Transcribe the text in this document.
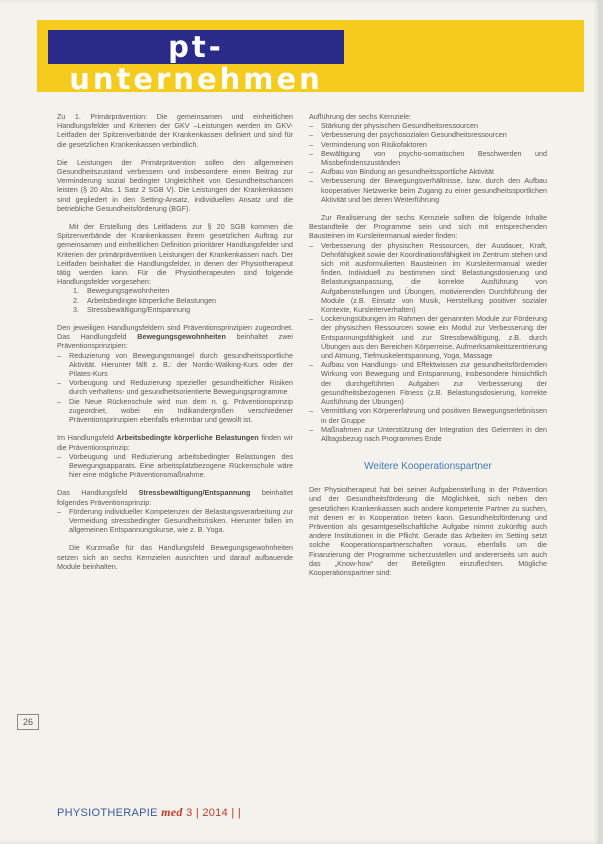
pt-unternehmen

Zu 1. Primärprävention: Die gemeinsamen und einheitlichen Handlungsfelder und Kriterien der GKV –Leistungen werden im GKV-Leitfaden der Spitzenverbände der Krankenkassen definiert und sind für die gesetzlichen Krankenkassen verbindlich.

Die Leistungen der Primärprävention sollen den allgemeinen Gesundheitszustand verbessern und insbesondere einen Beitrag zur Verminderung sozial bedingter Ungleichheit von Gesundheitschancen leisten (§ 20 Abs. 1 Satz 2 SGB V). Die Leistungen der Krankenkassen sind gegliedert in den Setting-Ansatz, individuellen Ansatz und die betriebliche Gesundheitsförderung (BGF).

Mit der Erstellung des Leitfadens zur § 20 SGB kommen die Spitzenverbände der Krankenkassen ihrem gesetzlichen Auftrag zur gemeinsamen und einheitlichen Definition prioritärer Handlungsfelder und Kriterien der primärpräventiven Leistungen der Krankenkassen nach. Der Leitfaden beinhaltet die Handlungsfelder, in denen der Physiotherapeut tätig werden kann. Für die Physiotherapeuten sind folgende Handlungsfelder vorgesehen:

1. Bewegungsgewohnheiten
2. Arbeitsbedingte körperliche Belastungen
3. Stressbewältigung/Entspannung

Den jeweiligen Handlungsfeldern sind Präventionsprinzipien zugeordnet. Das Handlungsfeld Bewegungsgewohnheiten beinhaltet zwei Präventionsprinzipien:

– Reduzierung von Bewegungsmangel durch gesundheitssportliche Aktivität. Hierunter fällt z. B.: der Nordic-Walking-Kurs oder der Pilates-Kurs
– Vorbeugung und Reduzierung spezieller gesundheitlicher Risiken durch verhaltens- und gesundheitsorientierte Bewegungsprogramme
– Die Neue Rückenschule wird nun dem n. g. Präventionsprinzip zugeordnet, wobei ein Indikandergroßen verschiedener Präventionsprinzipien ebenfalls erkennbar und gewollt ist.

Im Handlungsfeld Arbeitsbedingte körperliche Belastungen finden wir die Präventionsprinzip:

– Vorbeugung und Reduzierung arbeitsbedingter Belastungen des Bewegungsapparats. Eine arbeitsplatzbezogene Rückenschule wäre hier eine mögliche Präventionsmaßnahme.

Das Handlungsfeld Stressbewältigung/Entspannung beinhaltet folgendes Präventionsprinzip:

– Förderung individueller Kompetenzen der Belastungsverarbeitung zur Vermeidung stressbedingter Gesundheitsrisiken. Hierunter fallen im allgemeinen Entspannungskurse, wie z. B. Yoga.

Die Kurzmaße für das Handlungsfeld Bewegungsgewohnheiten setzen sich an sechs Kernzielen ausrichten und darauf aufbauende Module beinhalten.

Aufführung der sechs Kernziele:

– Stärkung der physischen Gesundheitsressourcen
– Verbesserung der psychosozialen Gesundheitsressourcen
– Verminderung von Risikofaktoren
– Bewältigung von psycho-somatischen Beschwerden und Missbefindenszuständen
– Aufbau von Bindung an gesundheitssportliche Aktivität
– Verbesserung der Bewegungsverhältnisse, bzw. durch den Aufbau kooperativer Netzwerke beim Zugang zu einer gesundheitssportlichen Aktivität und bei deren Weiterführung

Zur Realisierung der sechs Kernziele sollten die folgende Inhalte Bestandteile der Programme sein und sich mit entsprechenden Bausteinen im Kursleitermanual wieder finden:

– Verbesserung der physischen Ressourcen, der Ausdauer, Kraft, Dehnfähigkeit sowie der Koordinationsfähigkeit im Zentrum stehen und sich mit ausformulierten Bausteinen im Kursleitermanual wieder finden. Individuell zu bestimmen sind: Belastungsdosierung und Belastungsanpassung, die korrekte Ausführung von Aufgabenstellungen und Übungen, motivierenden Durchführung der Module (z.B. Einsatz von Musik, Herstellung positiver sozialer Kontexte, Kursleiterverhalten)
– Lockerungsübungen im Rahmen der genannten Module zur Förderung der physischen Ressourcen sowie ein Modul zur Verbesserung der Entspannungsfähigkeit und zur Stressbewältigung, z.B. durch Übungen aus den Bereichen Körperreise, Aufmerksamkeitszentrierung und Atmung, Tiefmuskelentspannung, Yoga, Massage
– Aufbau von Handlungs- und Effektwissen zur gesundheitsfördernden Wirkung von Bewegung und Entspannung, insbesondere hinsichtlich der durchgeführten Aufgaben zur Verbesserung der gesundheitsbezogenen Fitness (z.B. Belastungsdosierung, korrekte Ausführung der Übungen)
– Vermittlung von Körpererfahrung und positiven Bewegungserlebnissen in der Gruppe
– Maßnahmen zur Unterstützung der Integration des Gelernten in den Alltagsbezug nach Programmes Ende
Weitere Kooperationspartner

Der Physiotherapeut hat bei seiner Aufgabenstellung in der Prävention und der Gesundheitsförderung die Möglichkeit, sich neben den gesetzlichen Krankenkassen auch andere kompetente Partner zu suchen, mit denen er in Kooperation treten kann. Gesundheitsförderung und Prävention als gesamtgesellschaftliche Aufgabe nimmt zukünftig auch andere Institutionen in die Pflicht. Gerade das Arbeiten im Setting setzt solche Kooperationspartnerschaften voraus, ebenfalls um die Finanzierung der Programme sicherzustellen und andererseits um auch das „Know-how“ der Beteiligten einzuflechten. Mögliche Kooperationspartner sind:

26
PHYSIOTHERAPIE med 3 | 2014 | |
